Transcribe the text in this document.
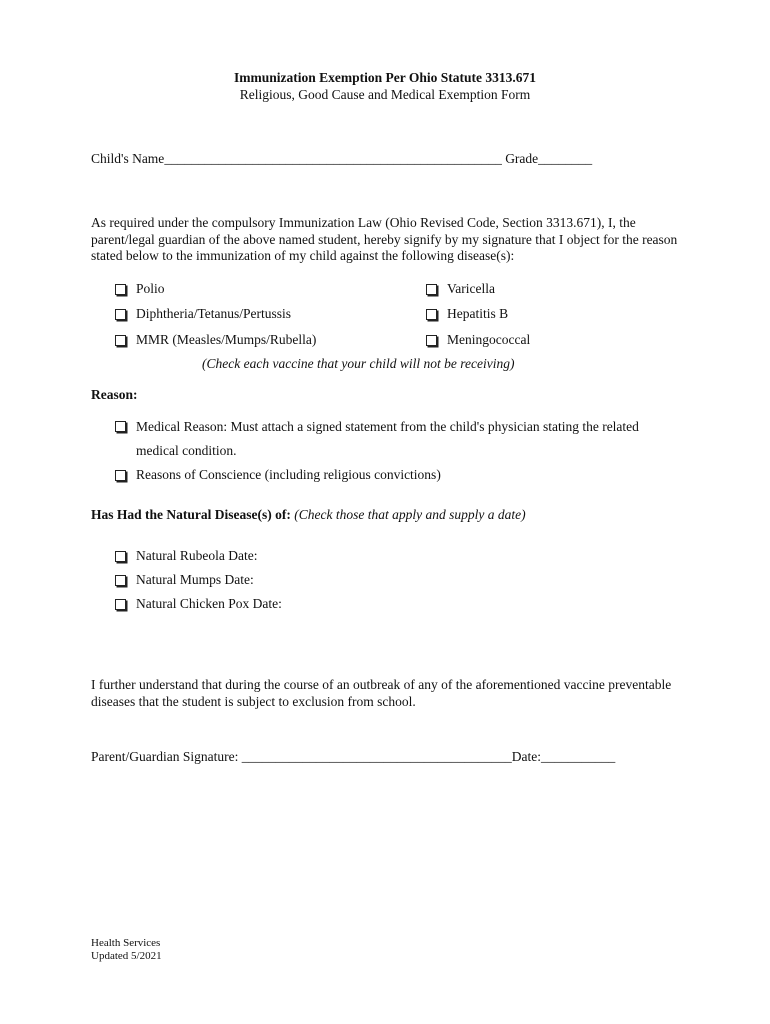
Immunization Exemption Per Ohio Statute 3313.671
Religious, Good Cause and Medical Exemption Form
Child's Name__________________________________________________ Grade________
As required under the compulsory Immunization Law (Ohio Revised Code, Section 3313.671), I, the parent/legal guardian of the above named student, hereby signify by my signature that I object for the reason stated below to the immunization of my child against the following disease(s):
Polio
Diphtheria/Tetanus/Pertussis
MMR (Measles/Mumps/Rubella)
Varicella
Hepatitis B
Meningococcal
(Check each vaccine that your child will not be receiving)
Reason:
Medical Reason: Must attach a signed statement from the child's physician stating the related
medical condition.
Reasons of Conscience (including religious convictions)
Has Had the Natural Disease(s) of: (Check those that apply and supply a date)
Natural Rubeola Date:
Natural Mumps Date:
Natural Chicken Pox Date:
I further understand that during the course of an outbreak of any of the aforementioned vaccine preventable diseases that the student is subject to exclusion from school.
Parent/Guardian Signature: ________________________________________Date:___________
Health Services
Updated 5/2021
